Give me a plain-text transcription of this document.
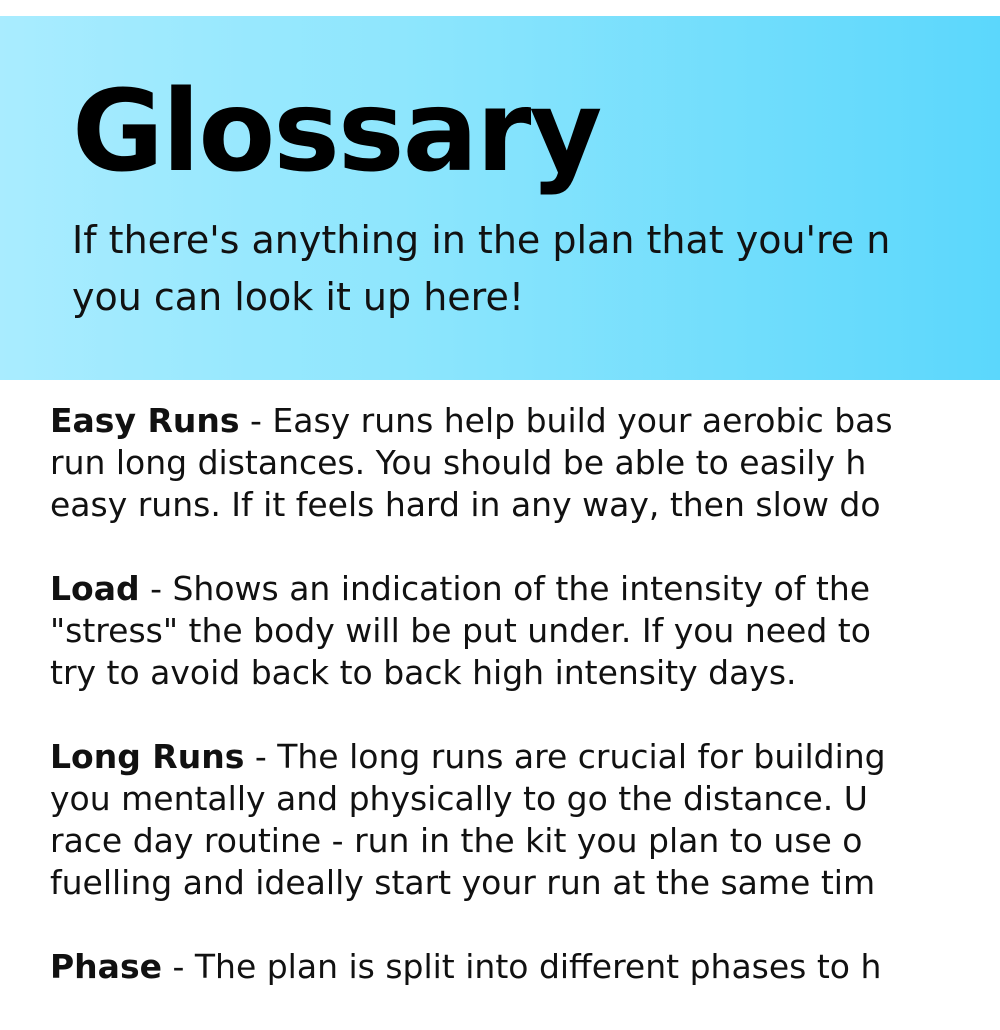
Glossary
If there's anything in the plan that you're n
you can look it up here!
Easy Runs - Easy runs help build your aerobic bas
run long distances. You should be able to easily h
easy runs. If it feels hard in any way, then slow do
Load - Shows an indication of the intensity of the
"stress" the body will be put under. If you need to
try to avoid back to back high intensity days.
Long Runs - The long runs are crucial for building
you mentally and physically to go the distance. U
race day routine - run in the kit you plan to use o
fuelling and ideally start your run at the same tim
Phase - The plan is split into different phases to h
